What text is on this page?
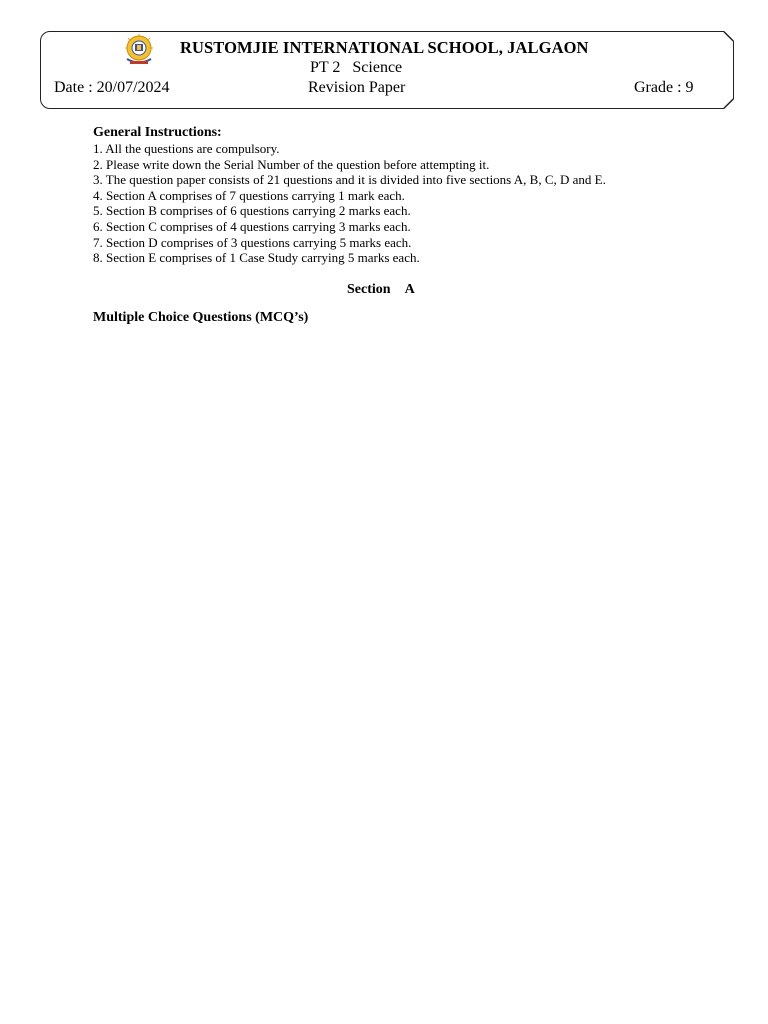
RUSTOMJIE INTERNATIONAL SCHOOL, JALGAON
PT 2 Science
Date : 20/07/2024	Revision Paper	Grade : 9
General Instructions:
1. All the questions are compulsory.
2. Please write down the Serial Number of the question before attempting it.
3. The question paper consists of 21 questions and it is divided into five sections A, B, C, D and E.
4. Section A comprises of 7 questions carrying 1 mark each.
5. Section B comprises of 6 questions carrying 2 marks each.
6. Section C comprises of 4 questions carrying 3 marks each.
7. Section D comprises of 3 questions carrying 5 marks each.
8. Section E comprises of 1 Case Study carrying 5 marks each.
Section A
Multiple Choice Questions (MCQ’s)
